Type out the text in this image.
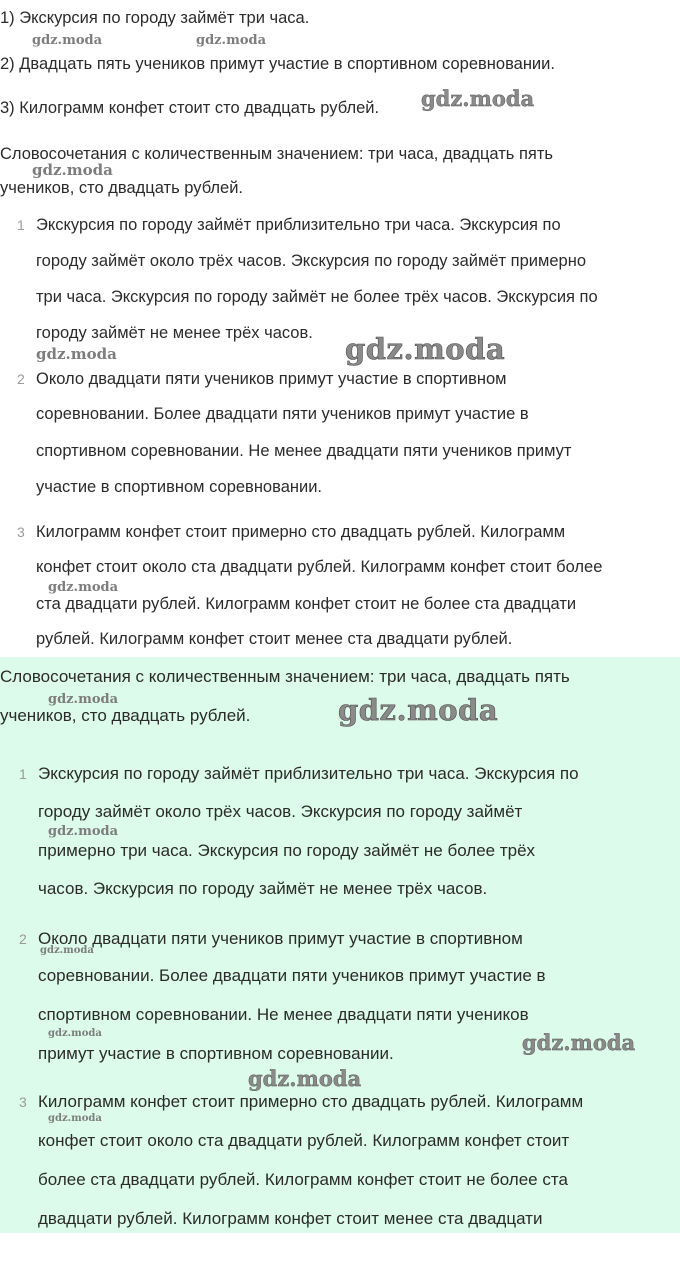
1) Экскурсия по городу займёт три часа.
2) Двадцать пять учеников примут участие в спортивном соревновании.
3) Килограмм конфет стоит сто двадцать рублей.
Словосочетания с количественным значением: три часа, двадцать пять
учеников, сто двадцать рублей.
1 Экскурсия по городу займёт приблизительно три часа. Экскурсия по
городу займёт около трёх часов. Экскурсия по городу займёт примерно
три часа. Экскурсия по городу займёт не более трёх часов. Экскурсия по
городу займёт не менее трёх часов.
2 Около двадцати пяти учеников примут участие в спортивном
соревновании. Более двадцати пяти учеников примут участие в
спортивном соревновании. Не менее двадцати пяти учеников примут
участие в спортивном соревновании.
3 Килограмм конфет стоит примерно сто двадцать рублей. Килограмм
конфет стоит около ста двадцати рублей. Килограмм конфет стоит более
ста двадцати рублей. Килограмм конфет стоит не более ста двадцати
рублей. Килограмм конфет стоит менее ста двадцати рублей.
Словосочетания с количественным значением: три часа, двадцать пять
учеников, сто двадцать рублей.
1 Экскурсия по городу займёт приблизительно три часа. Экскурсия по
городу займёт около трёх часов. Экскурсия по городу займёт
примерно три часа. Экскурсия по городу займёт не более трёх
часов. Экскурсия по городу займёт не менее трёх часов.
2 Около двадцати пяти учеников примут участие в спортивном
соревновании. Более двадцати пяти учеников примут участие в
спортивном соревновании. Не менее двадцати пяти учеников
примут участие в спортивном соревновании.
3 Килограмм конфет стоит примерно сто двадцать рублей. Килограмм
конфет стоит около ста двадцати рублей. Килограмм конфет стоит
более ста двадцати рублей. Килограмм конфет стоит не более ста
двадцати рублей. Килограмм конфет стоит менее ста двадцати
gdz.moda	gdz.moda
gdz.moda
gdz.moda
gdz.moda	gdz.moda
gdz.moda
gdz.moda	gdz.moda
gdz.moda
gdz.moda
gdz.moda	gdz.moda
gdz.moda
gdz.moda
